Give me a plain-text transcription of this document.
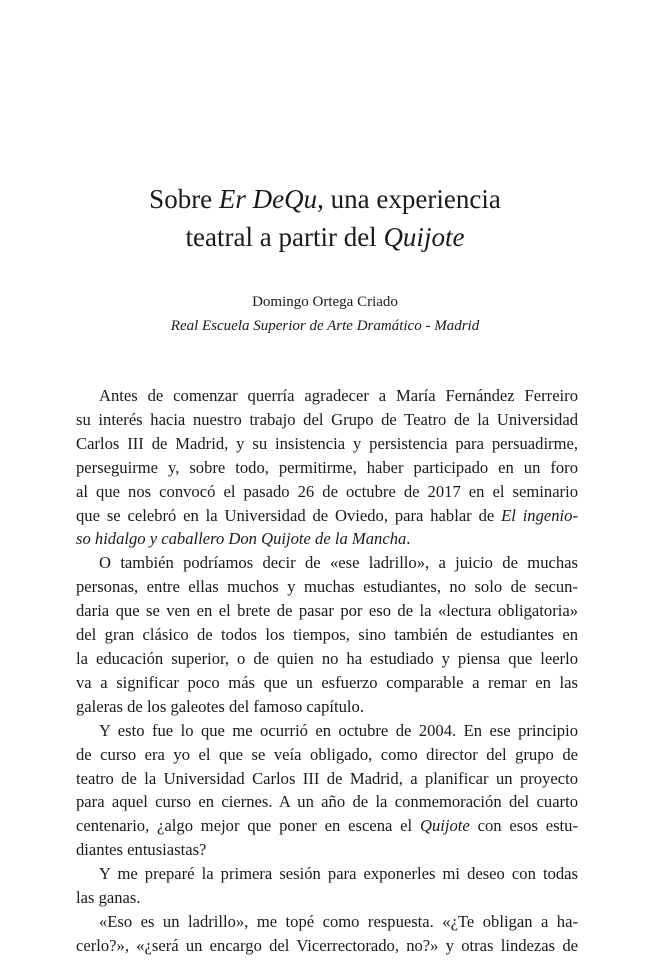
Sobre Er DeQu, una experiencia
teatral a partir del Quijote
Domingo Ortega Criado
Real Escuela Superior de Arte Dramático - Madrid

Antes de comenzar querría agradecer a María Fernández Ferreiro
su interés hacia nuestro trabajo del Grupo de Teatro de la Universidad
Carlos III de Madrid, y su insistencia y persistencia para persuadirme,
perseguirme y, sobre todo, permitirme, haber participado en un foro
al que nos convocó el pasado 26 de octubre de 2017 en el seminario
que se celebró en la Universidad de Oviedo, para hablar de El ingenio-
so hidalgo y caballero Don Quijote de la Mancha.

O también podríamos decir de «ese ladrillo», a juicio de muchas
personas, entre ellas muchos y muchas estudiantes, no solo de secun-
daria que se ven en el brete de pasar por eso de la «lectura obligatoria»
del gran clásico de todos los tiempos, sino también de estudiantes en
la educación superior, o de quien no ha estudiado y piensa que leerlo
va a significar poco más que un esfuerzo comparable a remar en las
galeras de los galeotes del famoso capítulo.

Y esto fue lo que me ocurrió en octubre de 2004. En ese principio
de curso era yo el que se veía obligado, como director del grupo de
teatro de la Universidad Carlos III de Madrid, a planificar un proyecto
para aquel curso en ciernes. A un año de la conmemoración del cuarto
centenario, ¿algo mejor que poner en escena el Quijote con esos estu-
diantes entusiastas?

Y me preparé la primera sesión para exponerles mi deseo con todas
las ganas.

«Eso es un ladrillo», me topé como respuesta. «¿Te obligan a ha-
cerlo?», «¿será un encargo del Vicerrectorado, no?» y otras lindezas de
